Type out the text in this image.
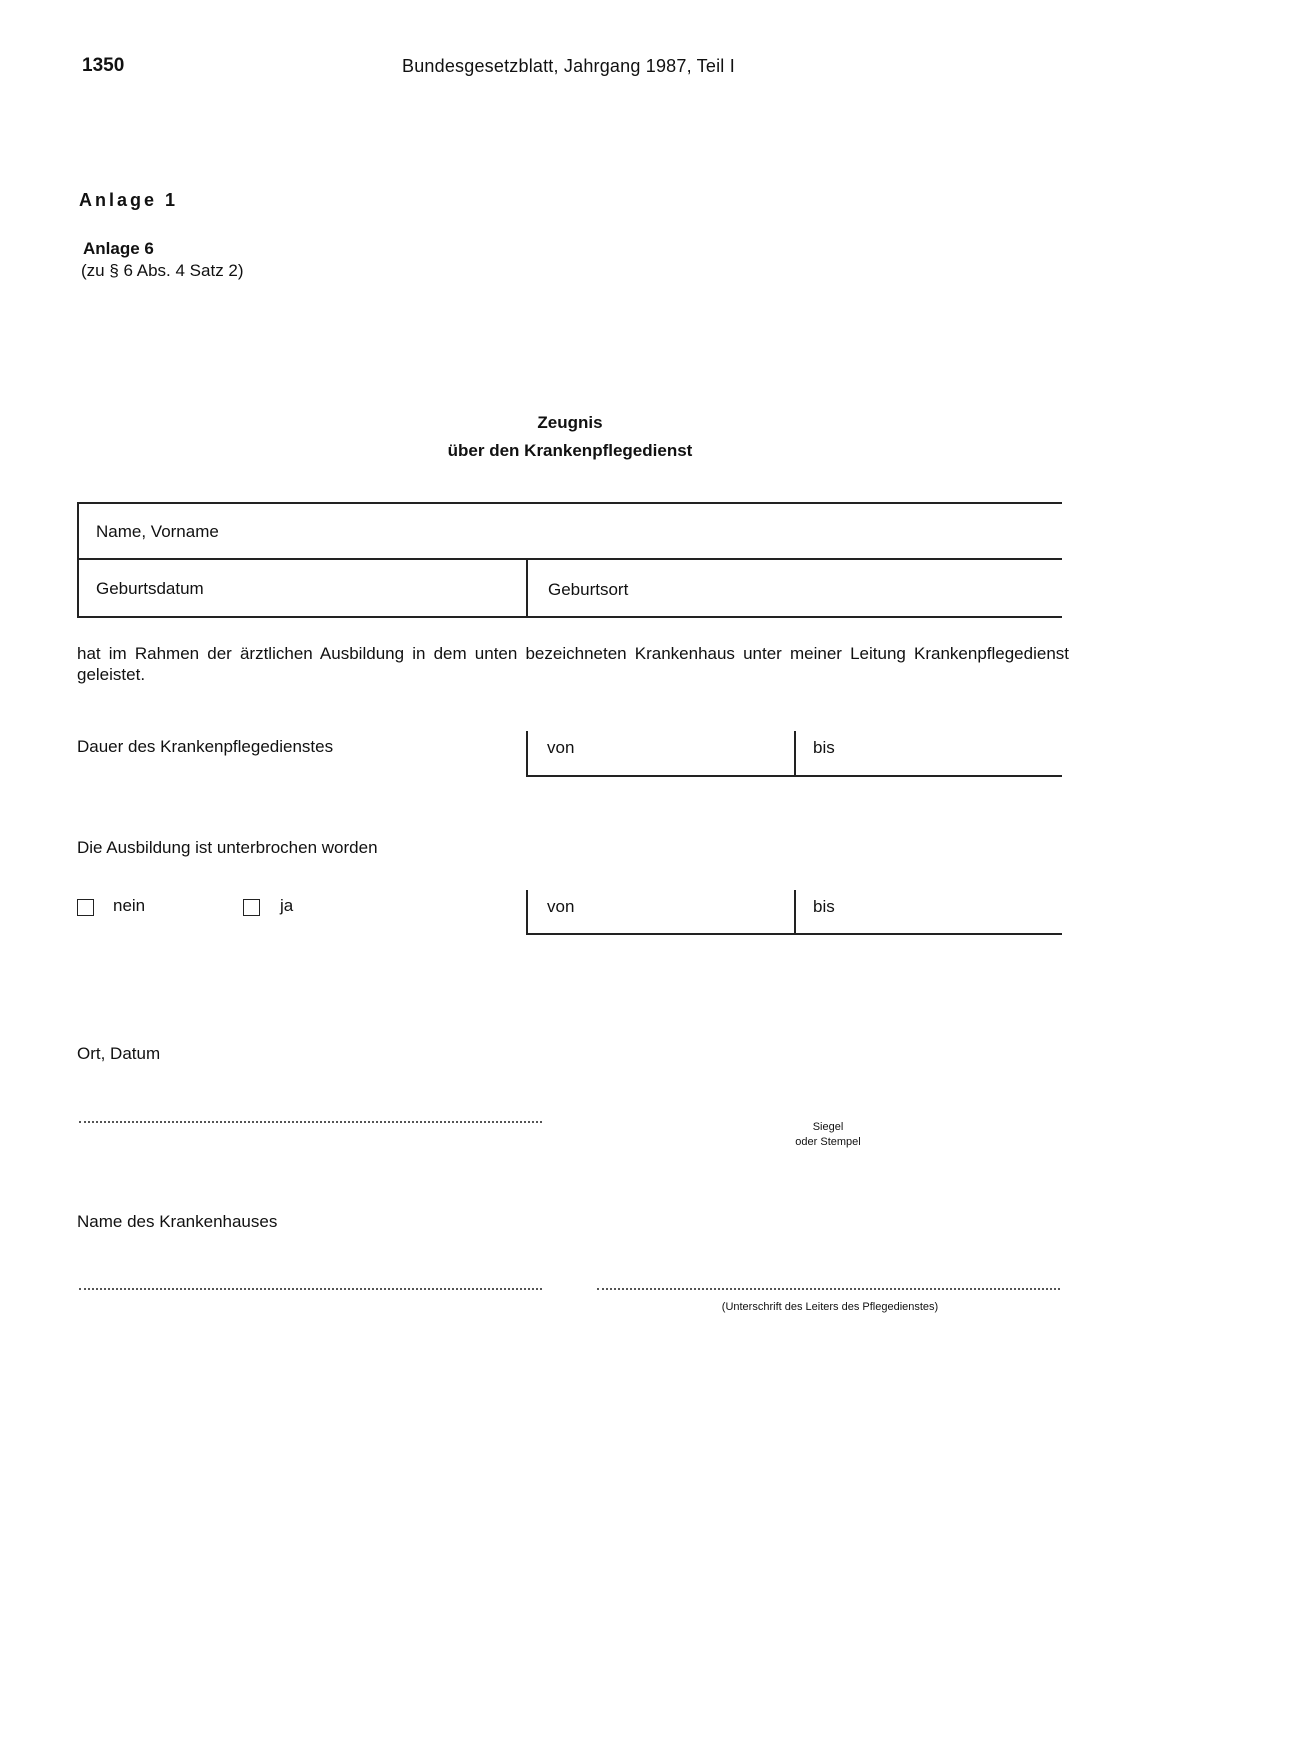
1350	Bundesgesetzblatt, Jahrgang 1987, Teil I
Anlage 1
Anlage 6
(zu § 6 Abs. 4 Satz 2)
Zeugnis
über den Krankenpflegedienst
Name, Vorname
Geburtsdatum	Geburtsort
hat im Rahmen der ärztlichen Ausbildung in dem unten bezeichneten Krankenhaus unter meiner Leitung Krankenpflegedienst geleistet.
Dauer des Krankenpflegedienstes	von	bis
Die Ausbildung ist unterbrochen worden
nein	ja	von	bis
Ort, Datum
Siegel
oder Stempel
Name des Krankenhauses
(Unterschrift des Leiters des Pflegedienstes)
